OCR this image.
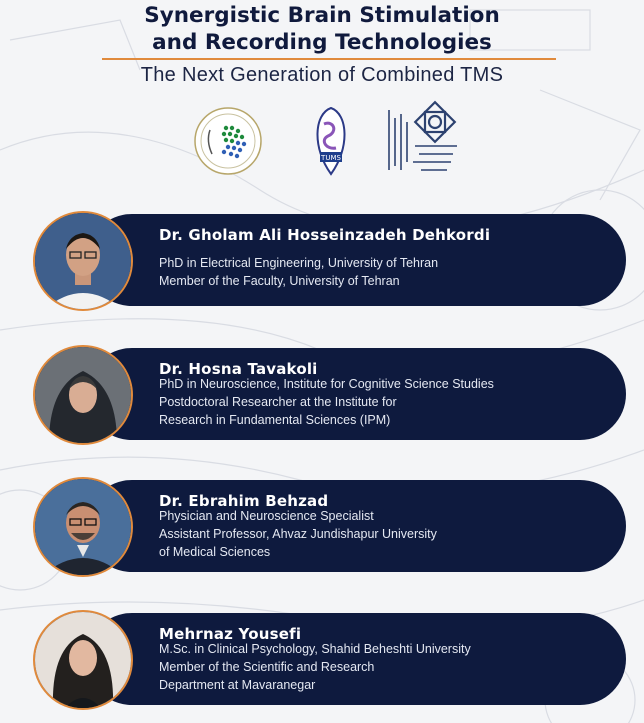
Synergistic Brain Stimulation
and Recording Technologies
The Next Generation of Combined TMS
TUMS
Dr. Gholam Ali Hosseinzadeh Dehkordi
PhD in Electrical Engineering, University of Tehran
Member of the Faculty, University of Tehran
Dr. Hosna Tavakoli
PhD in Neuroscience, Institute for Cognitive Science Studies
Postdoctoral Researcher at the Institute for
Research in Fundamental Sciences (IPM)
Dr. Ebrahim Behzad
Physician and Neuroscience Specialist
Assistant Professor, Ahvaz Jundishapur University
of Medical Sciences
Mehrnaz Yousefi
M.Sc. in Clinical Psychology, Shahid Beheshti University
Member of the Scientific and Research
Department at Mavaranegar
